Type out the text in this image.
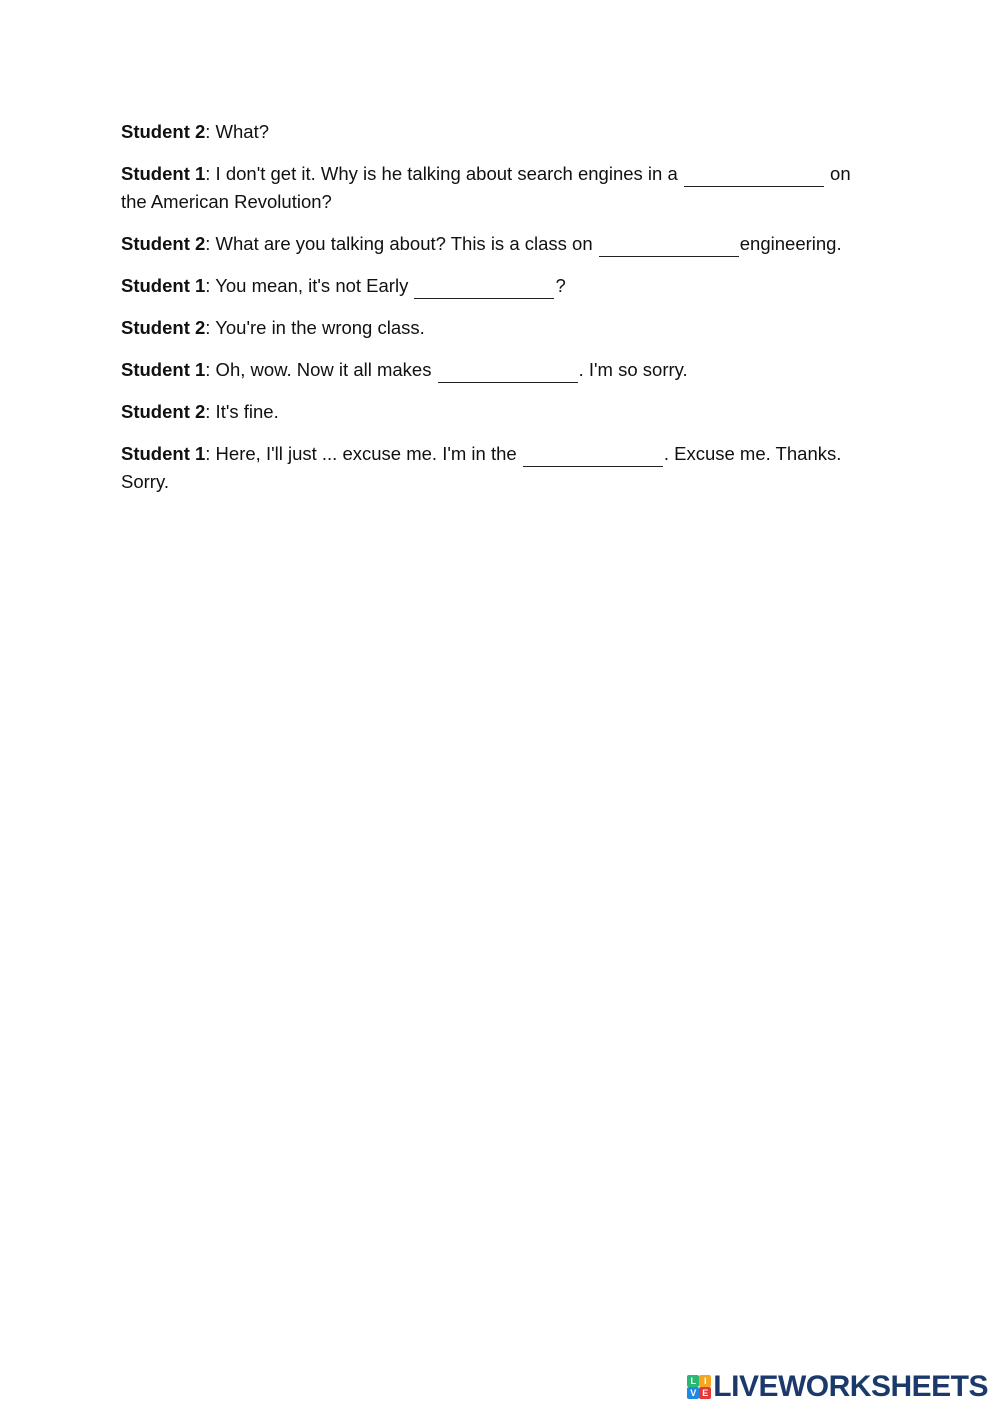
Student 2: What?

Student 1: I don't get it. Why is he talking about search engines in a	on the American Revolution?

Student 2: What are you talking about? This is a class on	engineering.

Student 1: You mean, it's not Early	?

Student 2: You're in the wrong class.

Student 1: Oh, wow. Now it all makes	. I'm so sorry.

Student 2: It's fine.

Student 1: Here, I'll just ... excuse me. I'm in the	. Excuse me. Thanks. Sorry.

L I
V E LIVEWORKSHEETS
